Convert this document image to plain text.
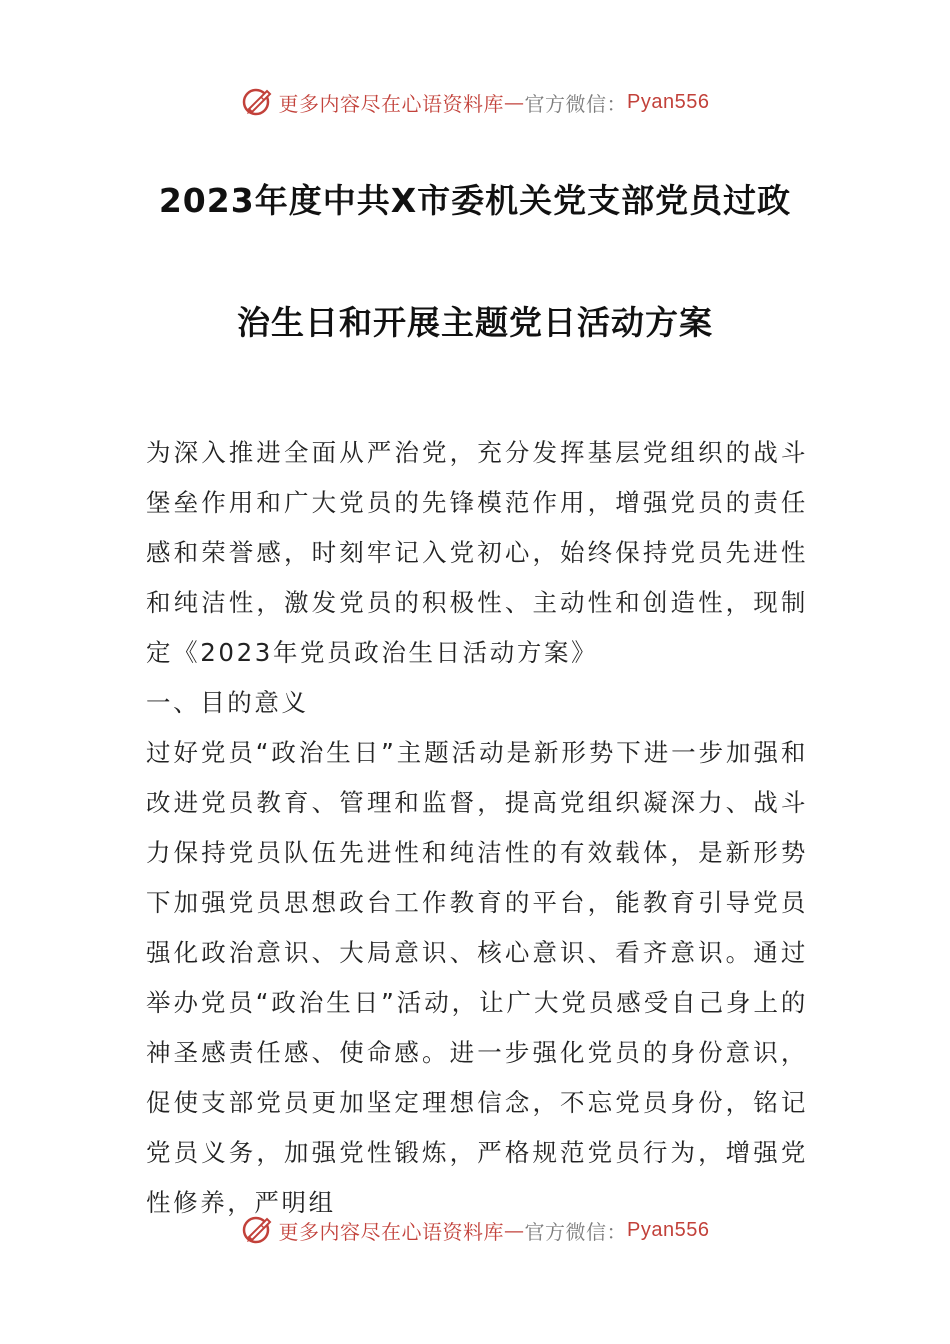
更多内容尽在心语资料库 — 官方微信： Pyan556
2023年度中共X市委机关党支部党员过政
治生日和开展主题党日活动方案

为深入推进全面从严治党，充分发挥基层党组织的战斗堡垒作用和广大党员的先锋模范作用，增强党员的责任感和荣誉感，时刻牢记入党初心，始终保持党员先进性和纯洁性，激发党员的积极性、主动性和创造性，现制定《2023年党员政治生日活动方案》

一、目的意义

过好党员“政治生日”主题活动是新形势下进一步加强和改进党员教育、管理和监督，提高党组织凝深力、战斗力保持党员队伍先进性和纯洁性的有效载体，是新形势下加强党员思想政台工作教育的平台，能教育引导党员强化政治意识、大局意识、核心意识、看齐意识。通过举办党员“政治生日”活动，让广大党员感受自己身上的神圣感责任感、使命感。进一步强化党员的身份意识，促使支部党员更加坚定理想信念，不忘党员身份，铭记党员义务，加强党性锻炼，严格规范党员行为，增强党性修养，严明组

更多内容尽在心语资料库 — 官方微信： Pyan556
